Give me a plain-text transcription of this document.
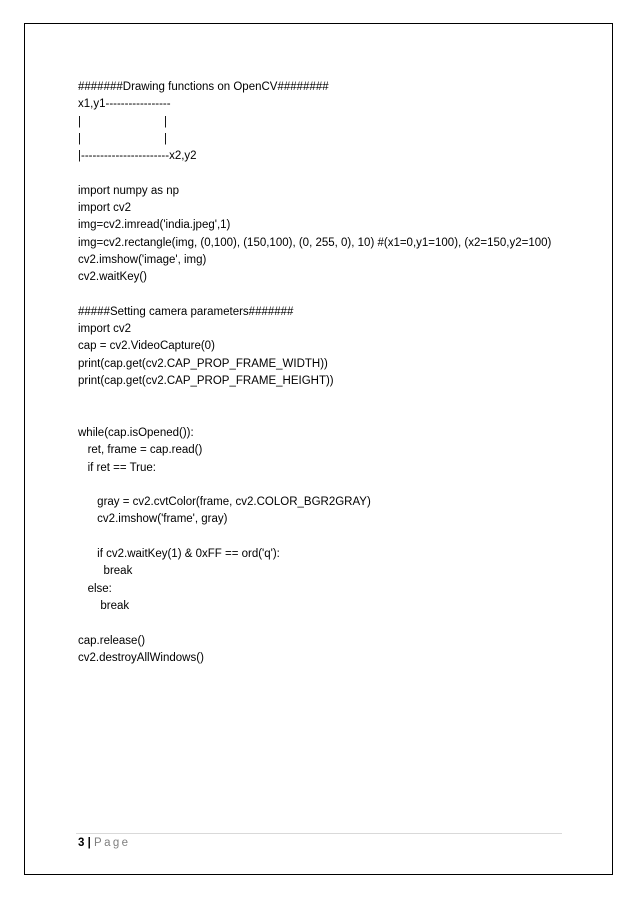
#######Drawing functions on OpenCV########
x1,y1-----------------
|                          |
|                          |
|-----------------------x2,y2
import numpy as np
import cv2
img=cv2.imread('india.jpeg',1)
img=cv2.rectangle(img, (0,100), (150,100), (0, 255, 0), 10) #(x1=0,y1=100), (x2=150,y2=100)
cv2.imshow('image', img)
cv2.waitKey()
#####Setting camera parameters#######
import cv2
cap = cv2.VideoCapture(0)
print(cap.get(cv2.CAP_PROP_FRAME_WIDTH))
print(cap.get(cv2.CAP_PROP_FRAME_HEIGHT))
while(cap.isOpened()):
ret, frame = cap.read()
if ret == True:
gray = cv2.cvtColor(frame, cv2.COLOR_BGR2GRAY)
cv2.imshow('frame', gray)
if cv2.waitKey(1) & 0xFF == ord('q'):
break
else:
break
cap.release()
cv2.destroyAllWindows()
3 | Page
